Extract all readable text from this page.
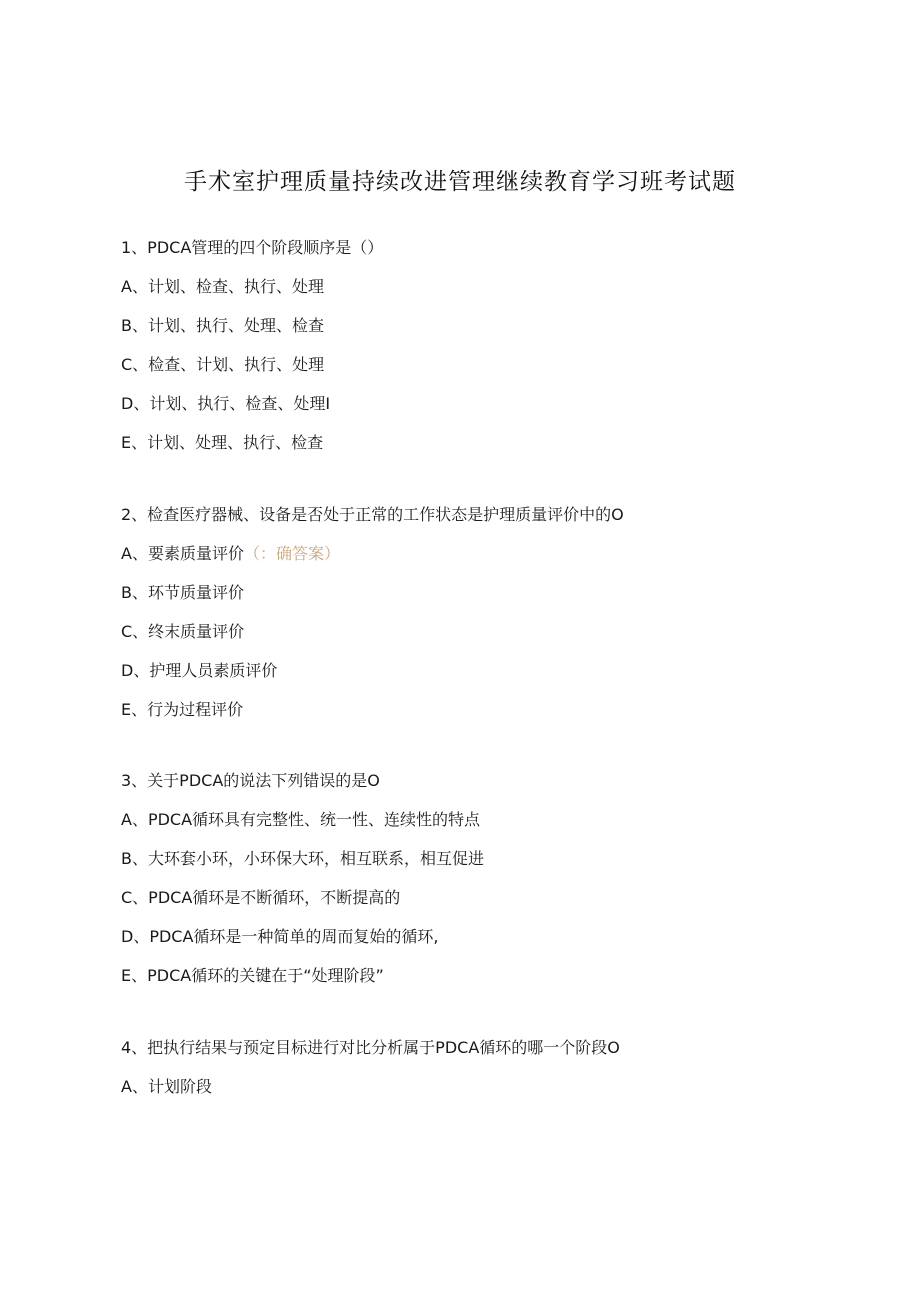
手术室护理质量持续改进管理继续教育学习班考试题
1、PDCA管理的四个阶段顺序是（）
A、计划、检查、执行、处理
B、计划、执行、处理、检查
C、检查、计划、执行、处理
D、计划、执行、检查、处理I
E、计划、处理、执行、检查
2、检查医疗器械、设备是否处于正常的工作状态是护理质量评价中的O
A、要素质量评价（：确答案）
B、环节质量评价
C、终末质量评价
D、护理人员素质评价
E、行为过程评价
3、关于PDCA的说法下列错误的是O
A、PDCA循环具有完整性、统一性、连续性的特点
B、大环套小环，小环保大环，相互联系，相互促进
C、PDCA循环是不断循环，不断提高的
D、PDCA循环是一种简单的周而复始的循环,
E、PDCA循环的关键在于“处理阶段”
4、把执行结果与预定目标进行对比分析属于PDCA循环的哪一个阶段O
A、计划阶段
